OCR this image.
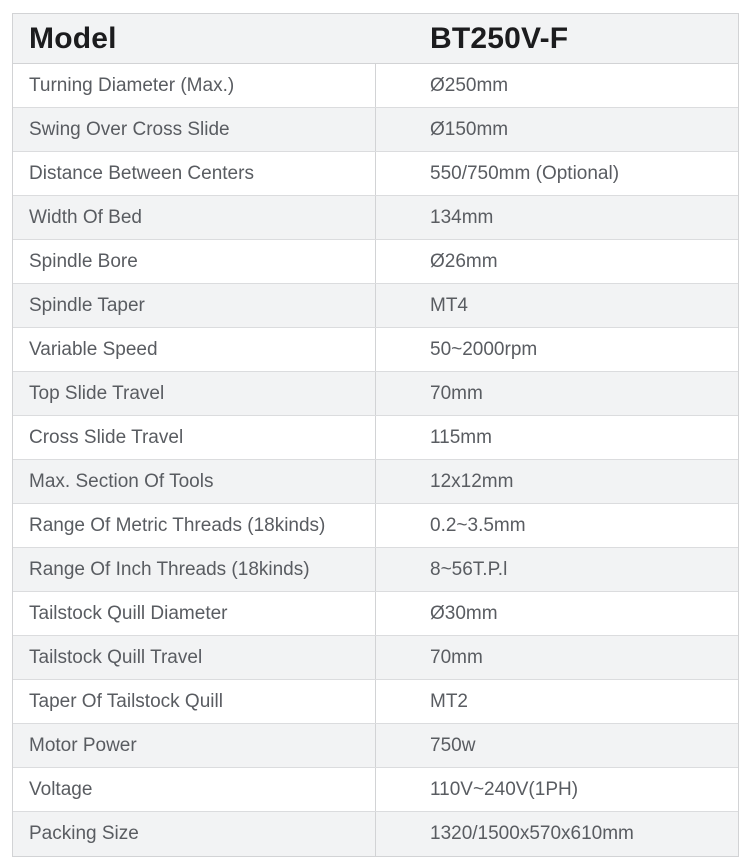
Model	BT250V-F
Turning Diameter (Max.)	Ø250mm
Swing Over Cross Slide	Ø150mm
Distance Between Centers	550/750mm (Optional)
Width Of Bed	134mm
Spindle Bore	Ø26mm
Spindle Taper	MT4
Variable Speed	50~2000rpm
Top Slide Travel	70mm
Cross Slide Travel	115mm
Max. Section Of Tools	12x12mm
Range Of Metric Threads (18kinds)	0.2~3.5mm
Range Of Inch Threads (18kinds)	8~56T.P.l
Tailstock Quill Diameter	Ø30mm
Tailstock Quill Travel	70mm
Taper Of Tailstock Quill	MT2
Motor Power	750w
Voltage	110V~240V(1PH)
Packing Size	1320/1500x570x610mm
